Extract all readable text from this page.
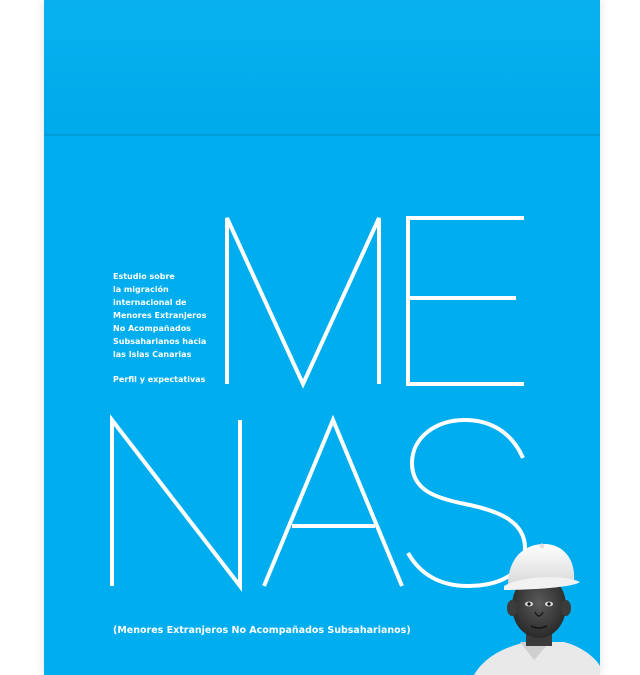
Estudio sobre
la migración
internacional de
Menores Extranjeros
No Acompañados
Subsaharianos hacia
las Islas Canarias
Perfil y expectativas
(Menores Extranjeros No Acompañados Subsaharianos)
